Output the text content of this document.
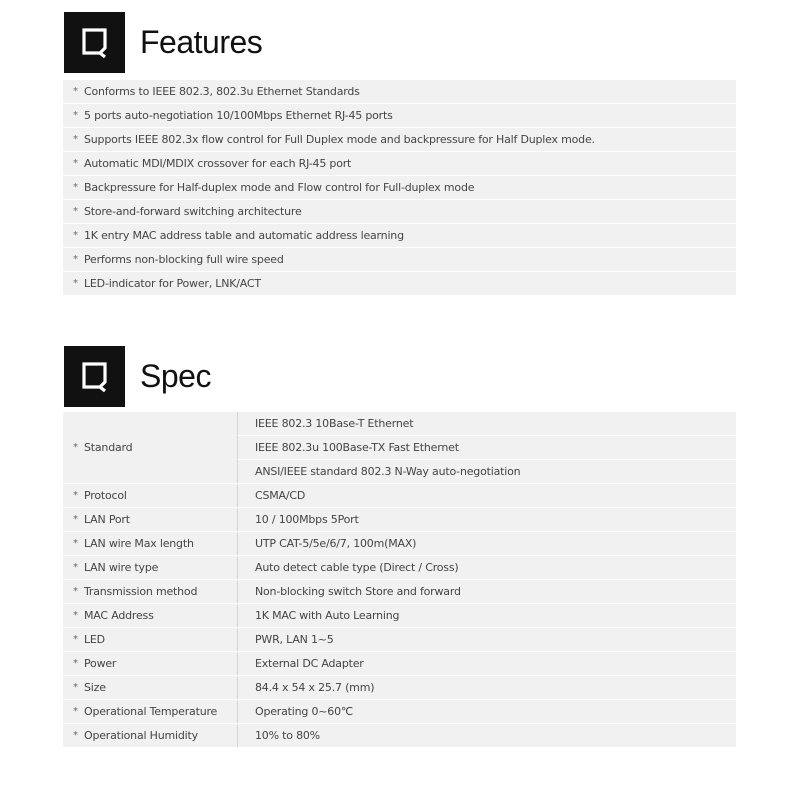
Features
* Conforms to IEEE 802.3, 802.3u Ethernet Standards
* 5 ports auto-negotiation 10/100Mbps Ethernet RJ-45 ports
* Supports IEEE 802.3x flow control for Full Duplex mode and backpressure for Half Duplex mode.
* Automatic MDI/MDIX crossover for each RJ-45 port
* Backpressure for Half-duplex mode and Flow control for Full-duplex mode
* Store-and-forward switching architecture
* 1K entry MAC address table and automatic address learning
* Performs non-blocking full wire speed
* LED-indicator for Power, LNK/ACT
Spec
* Standard	IEEE 802.3 10Base-T Ethernet
	IEEE 802.3u 100Base-TX Fast Ethernet
	ANSI/IEEE standard 802.3 N-Way auto-negotiation

* Protocol	CSMA/CD

* LAN Port	10 / 100Mbps 5Port

* LAN wire Max length	UTP CAT-5/5e/6/7, 100m(MAX)

* LAN wire type	Auto detect cable type (Direct / Cross)

* Transmission method	Non-blocking switch Store and forward

* MAC Address	1K MAC with Auto Learning

* LED	PWR, LAN 1~5

* Power	External DC Adapter

* Size	84.4 x 54 x 25.7 (mm)

* Operational Temperature	Operating 0~60℃

* Operational Humidity	10% to 80%
